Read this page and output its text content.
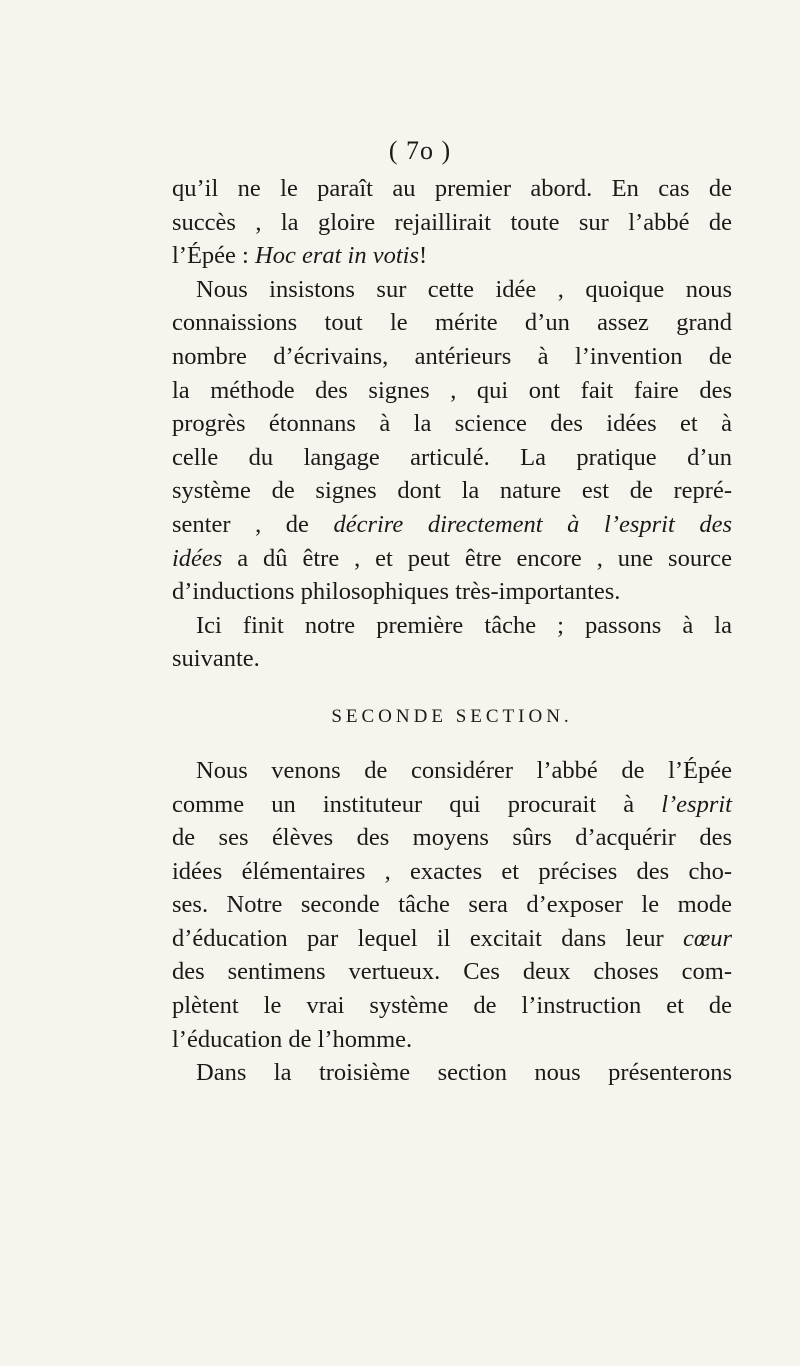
( 7o )
qu’il ne le paraît au premier abord. En cas de
succès , la gloire rejaillirait toute sur l’abbé de
l’Épée : Hoc erat in votis!
Nous insistons sur cette idée , quoique nous
connaissions tout le mérite d’un assez grand
nombre d’écrivains, antérieurs à l’invention de
la méthode des signes , qui ont fait faire des
progrès étonnans à la science des idées et à
celle du langage articulé. La pratique d’un
système de signes dont la nature est de repré-
senter , de décrire directement à l’esprit des
idées a dû être , et peut être encore , une source
d’inductions philosophiques très-importantes.
Ici finit notre première tâche ; passons à la
suivante.
SECONDE SECTION.
Nous venons de considérer l’abbé de l’Épée
comme un instituteur qui procurait à l’esprit
de ses élèves des moyens sûrs d’acquérir des
idées élémentaires , exactes et précises des cho-
ses. Notre seconde tâche sera d’exposer le mode
d’éducation par lequel il excitait dans leur cœur
des sentimens vertueux. Ces deux choses com-
plètent le vrai système de l’instruction et de
l’éducation de l’homme.
Dans la troisième section nous présenterons
